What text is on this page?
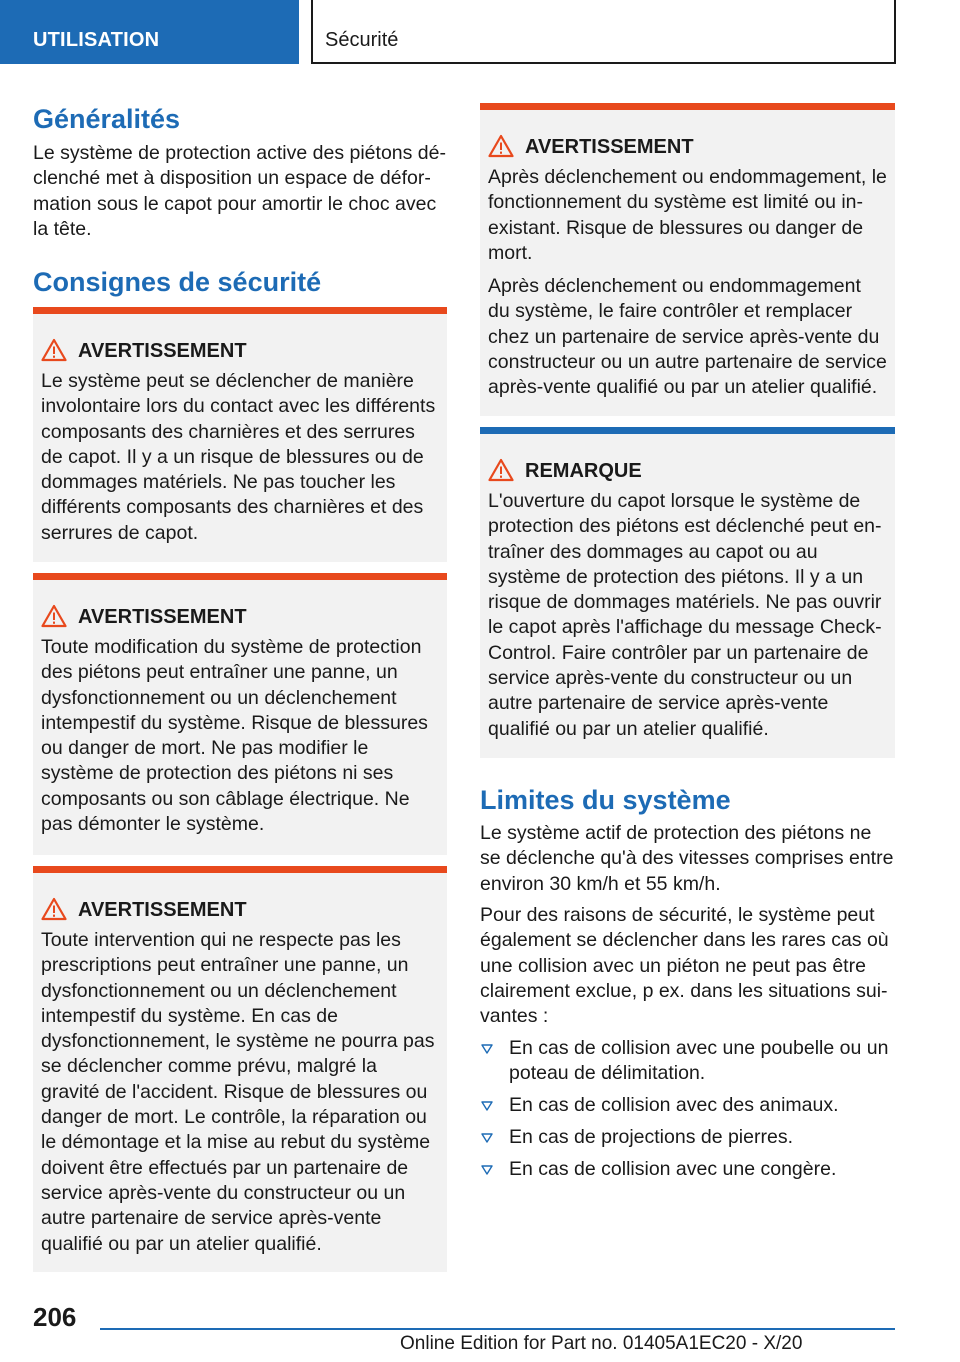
UTILISATION	Sécurité
Généralités

Le système de protection active des piétons déclenché met à disposition un espace de déformation sous le capot pour amortir le choc avec la tête.

Consignes de sécurité
AVERTISSEMENT

Le système peut se déclencher de manière involontaire lors du contact avec les différents composants des charnières et des serrures de capot. Il y a un risque de blessures ou de dommages matériels. Ne pas toucher les différents composants des charnières et des serrures de capot.

AVERTISSEMENT

Toute modification du système de protection des piétons peut entraîner une panne, un dysfonctionnement ou un déclenchement intempestif du système. Risque de blessures ou danger de mort. Ne pas modifier le système de protection des piétons ni ses composants ou son câblage électrique. Ne pas démonter le système.

AVERTISSEMENT

Toute intervention qui ne respecte pas les prescriptions peut entraîner une panne, un dysfonctionnement ou un déclenchement intempestif du système. En cas de dysfonctionnement, le système ne pourra pas se déclencher comme prévu, malgré la gravité de l'accident. Risque de blessures ou danger de mort. Le contrôle, la réparation ou le démontage et la mise au rebut du système doivent être effectués par un partenaire de service après-vente du constructeur ou un autre partenaire de service après-vente qualifié ou par un atelier qualifié.

AVERTISSEMENT

Après déclenchement ou endommagement, le fonctionnement du système est limité ou inexistant. Risque de blessures ou danger de mort.

Après déclenchement ou endommagement du système, le faire contrôler et remplacer chez un partenaire de service après-vente du constructeur ou un autre partenaire de service après-vente qualifié ou par un atelier qualifié.

REMARQUE

L'ouverture du capot lorsque le système de protection des piétons est déclenché peut entraîner des dommages au capot ou au système de protection des piétons. Il y a un risque de dommages matériels. Ne pas ouvrir le capot après l'affichage du message Check-Control. Faire contrôler par un partenaire de service après-vente du constructeur ou un autre partenaire de service après-vente qualifié ou par un atelier qualifié.

Limites du système

Le système actif de protection des piétons ne se déclenche qu'à des vitesses comprises entre environ 30 km/h et 55 km/h.

Pour des raisons de sécurité, le système peut également se déclencher dans les rares cas où une collision avec un piéton ne peut pas être clairement exclue, p ex. dans les situations suivantes :

En cas de collision avec une poubelle ou un poteau de délimitation.
En cas de collision avec des animaux.
En cas de projections de pierres.
En cas de collision avec une congère.
206
Online Edition for Part no. 01405A1EC20 - X/20
